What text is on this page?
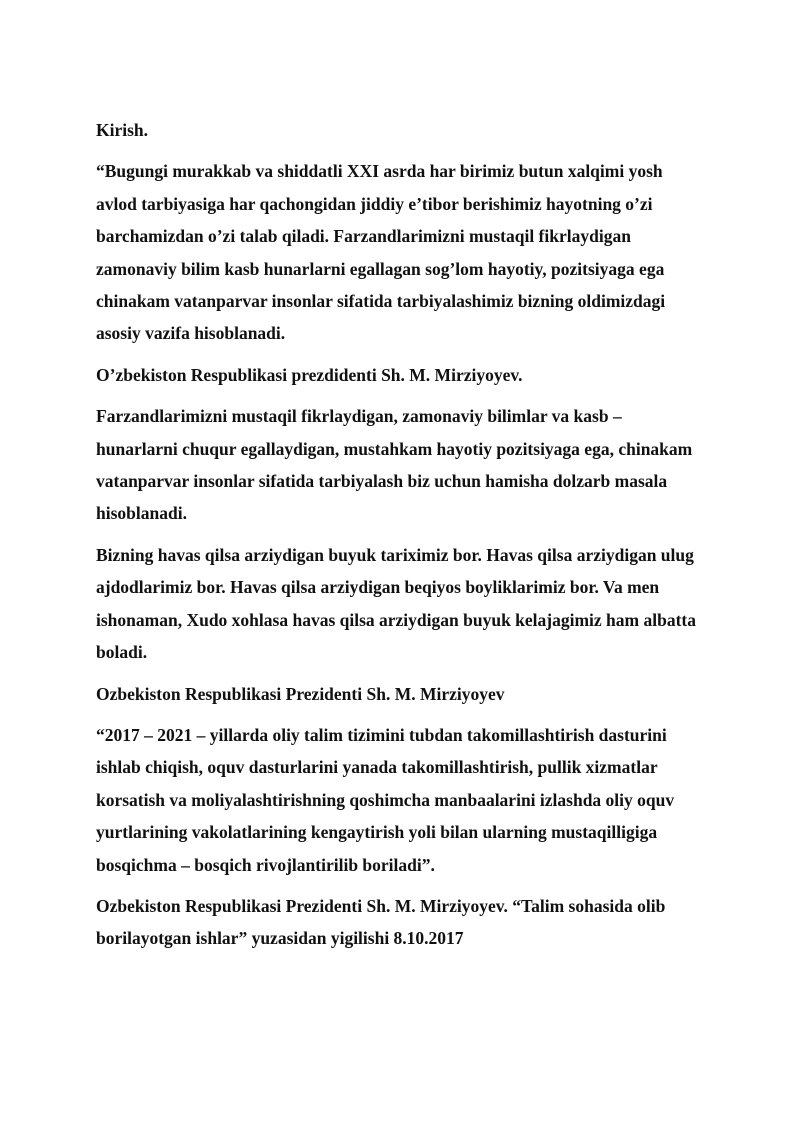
Kirish.

“Bugungi murakkab va shiddatli XXI asrda har birimiz butun xalqimi yosh
avlod tarbiyasiga har qachongidan jiddiy e’tibor berishimiz hayotning o’zi
barchamizdan o’zi talab qiladi. Farzandlarimizni mustaqil fikrlaydigan
zamonaviy bilim kasb hunarlarni egallagan sog’lom hayotiy, pozitsiyaga ega
chinakam vatanparvar insonlar sifatida tarbiyalashimiz bizning oldimizdagi
asosiy vazifa hisoblanadi.

O’zbekiston Respublikasi prezdidenti Sh. M. Mirziyoyev.

Farzandlarimizni mustaqil fikrlaydigan, zamonaviy bilimlar va kasb –
hunarlarni chuqur egallaydigan, mustahkam hayotiy pozitsiyaga ega, chinakam
vatanparvar insonlar sifatida tarbiyalash biz uchun hamisha dolzarb masala
hisoblanadi.

Bizning havas qilsa arziydigan buyuk tariximiz bor. Havas qilsa arziydigan ulug
ajdodlarimiz bor. Havas qilsa arziydigan beqiyos boyliklarimiz bor. Va men
ishonaman, Xudo xohlasa havas qilsa arziydigan buyuk kelajagimiz ham albatta
boladi.

Ozbekiston Respublikasi Prezidenti Sh. M. Mirziyoyev

“2017 – 2021 – yillarda oliy talim tizimini tubdan takomillashtirish dasturini
ishlab chiqish, oquv dasturlarini yanada takomillashtirish, pullik xizmatlar
korsatish va moliyalashtirishning qoshimcha manbaalarini izlashda oliy oquv
yurtlarining vakolatlarining kengaytirish yoli bilan ularning mustaqilligiga
bosqichma – bosqich rivojlantirilib boriladi”.

Ozbekiston Respublikasi Prezidenti Sh. M. Mirziyoyev. “Talim sohasida olib
borilayotgan ishlar” yuzasidan yigilishi 8.10.2017
